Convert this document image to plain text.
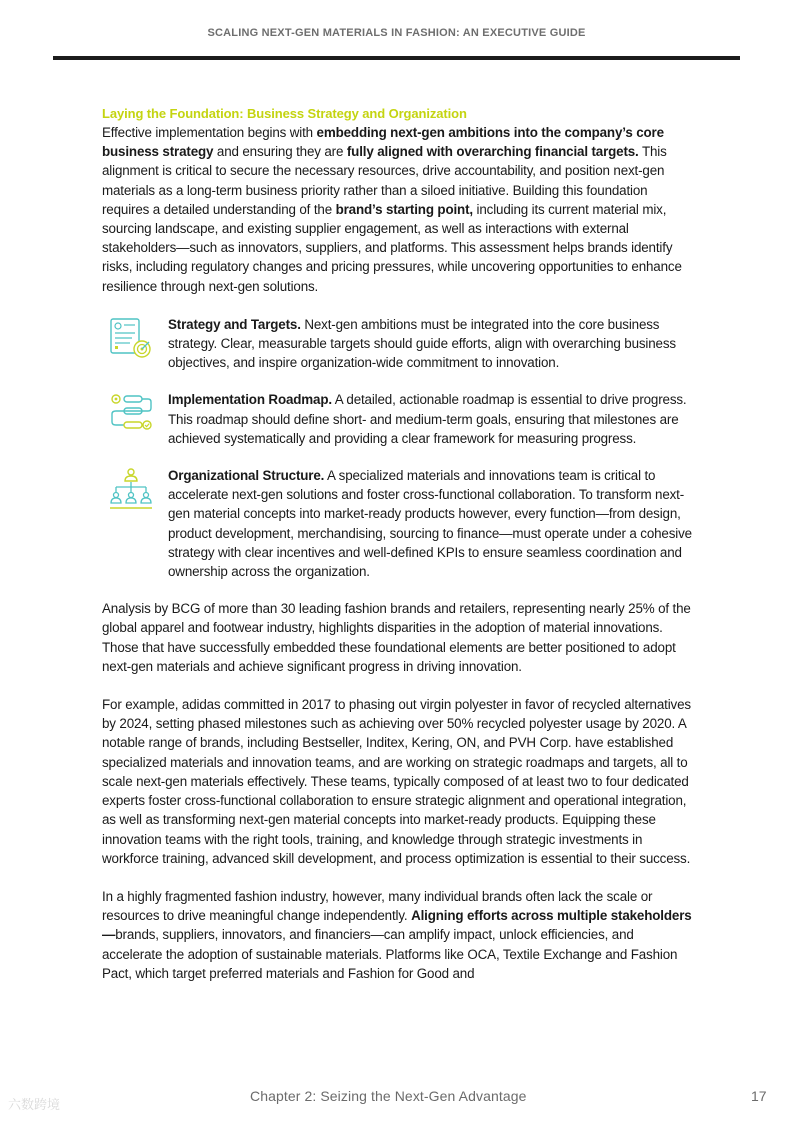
SCALING NEXT-GEN MATERIALS IN FASHION: AN EXECUTIVE GUIDE
Laying the Foundation: Business Strategy and Organization

Effective implementation begins with embedding next-gen ambitions into the company’s core business strategy and ensuring they are fully aligned with overarching financial targets. This alignment is critical to secure the necessary resources, drive accountability, and position next-gen materials as a long-term business priority rather than a siloed initiative. Building this foundation requires a detailed understanding of the brand’s starting point, including its current material mix, sourcing landscape, and existing supplier engagement, as well as interactions with external stakeholders—such as innovators, suppliers, and platforms. This assessment helps brands identify risks, including regulatory changes and pricing pressures, while uncovering opportunities to enhance resilience through next-gen solutions.

Strategy and Targets. Next-gen ambitions must be integrated into the core business strategy. Clear, measurable targets should guide efforts, align with overarching business objectives, and inspire organization-wide commitment to innovation.

Implementation Roadmap. A detailed, actionable roadmap is essential to drive progress. This roadmap should define short- and medium-term goals, ensuring that milestones are achieved systematically and providing a clear framework for measuring progress.

Organizational Structure. A specialized materials and innovations team is critical to accelerate next-gen solutions and foster cross-functional collaboration. To transform next-gen material concepts into market-ready products however, every function—from design, product development, merchandising, sourcing to finance—must operate under a cohesive strategy with clear incentives and well-defined KPIs to ensure seamless coordination and ownership across the organization.

Analysis by BCG of more than 30 leading fashion brands and retailers, representing nearly 25% of the global apparel and footwear industry, highlights disparities in the adoption of material innovations. Those that have successfully embedded these foundational elements are better positioned to adopt next-gen materials and achieve significant progress in driving innovation.

For example, adidas committed in 2017 to phasing out virgin polyester in favor of recycled alternatives by 2024, setting phased milestones such as achieving over 50% recycled polyester usage by 2020. A notable range of brands, including Bestseller, Inditex, Kering, ON, and PVH Corp. have established specialized materials and innovation teams, and are working on strategic roadmaps and targets, all to scale next-gen materials effectively. These teams, typically composed of at least two to four dedicated experts foster cross-functional collaboration to ensure strategic alignment and operational integration, as well as transforming next-gen material concepts into market-ready products. Equipping these innovation teams with the right tools, training, and knowledge through strategic investments in workforce training, advanced skill development, and process optimization is essential to their success.

In a highly fragmented fashion industry, however, many individual brands often lack the scale or resources to drive meaningful change independently. Aligning efforts across multiple stakeholders—brands, suppliers, innovators, and financiers—can amplify impact, unlock efficiencies, and accelerate the adoption of sustainable materials. Platforms like OCA, Textile Exchange and Fashion Pact, which target preferred materials and Fashion for Good and

Chapter 2: Seizing the Next-Gen Advantage	17
六数跨境
